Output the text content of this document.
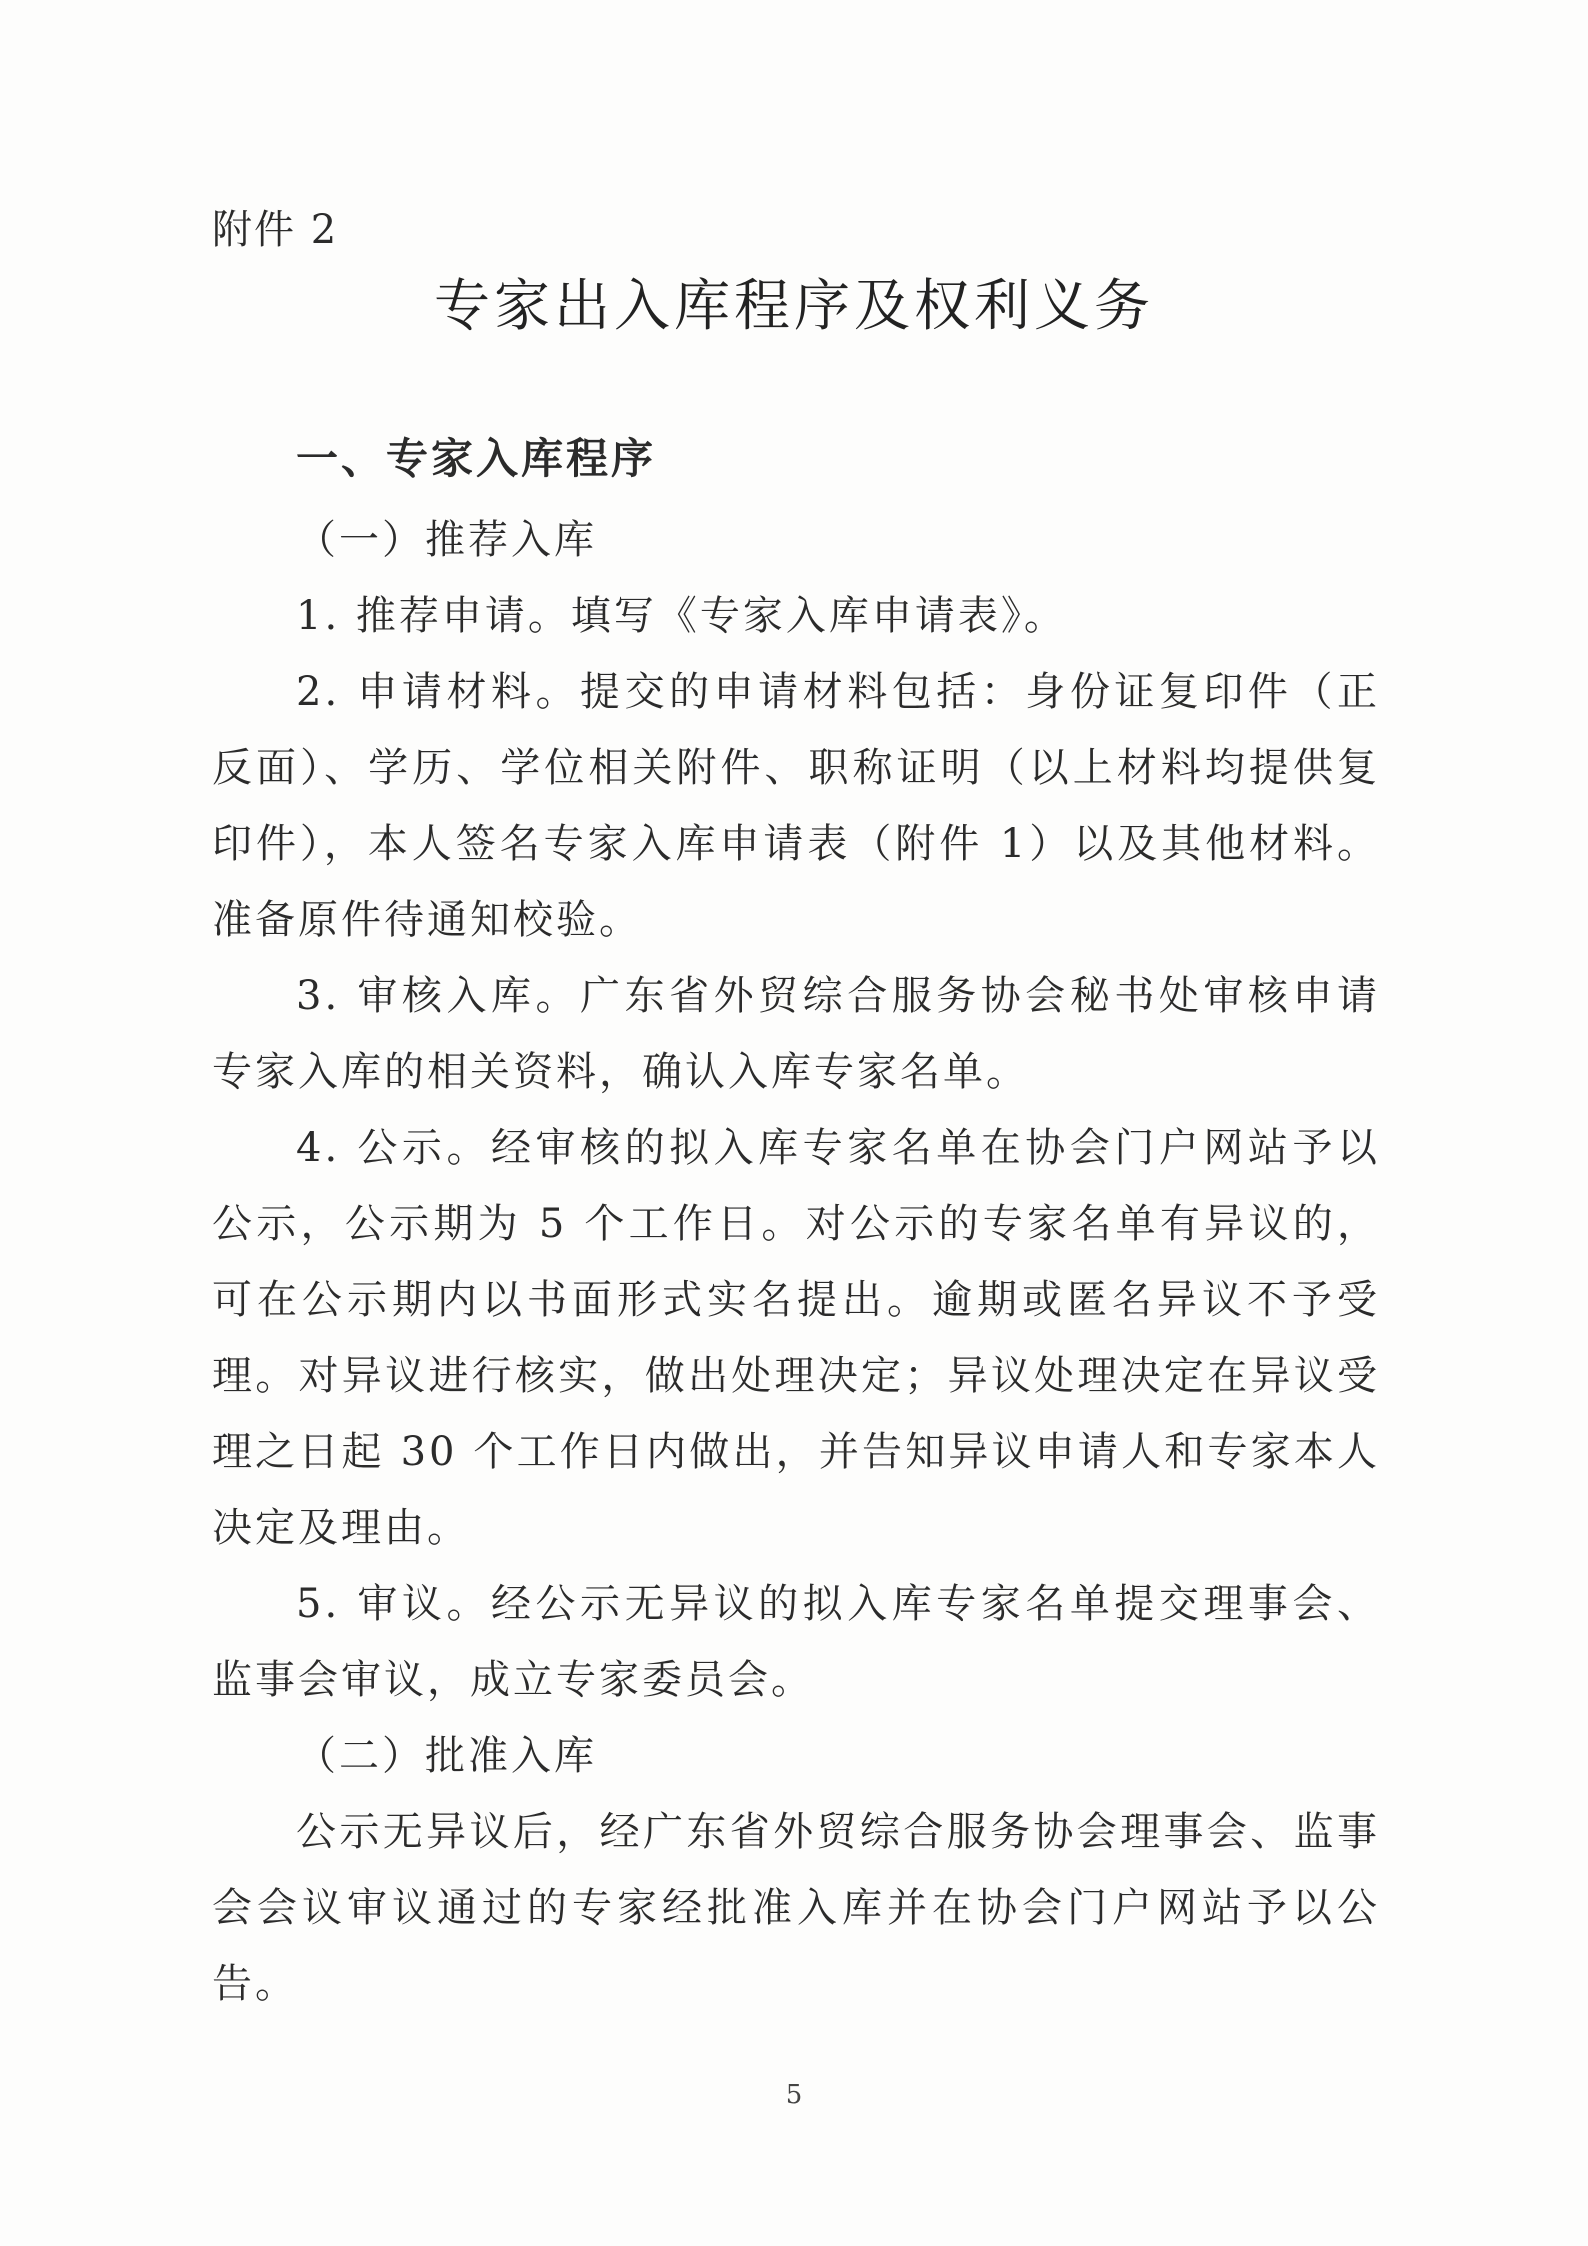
附件 2
专家出入库程序及权利义务
一、专家入库程序

（一）推荐入库

1. 推荐申请。填写《专家入库申请表》。

2. 申请材料。提交的申请材料包括：身份证复印件（正反面）、学历、学位相关附件、职称证明（以上材料均提供复印件），本人签名专家入库申请表（附件 1）以及其他材料。准备原件待通知校验。

3. 审核入库。广东省外贸综合服务协会秘书处审核申请专家入库的相关资料，确认入库专家名单。

4. 公示。经审核的拟入库专家名单在协会门户网站予以公示，公示期为 5 个工作日。对公示的专家名单有异议的，可在公示期内以书面形式实名提出。逾期或匿名异议不予受理。对异议进行核实，做出处理决定；异议处理决定在异议受理之日起 30 个工作日内做出，并告知异议申请人和专家本人决定及理由。

5. 审议。经公示无异议的拟入库专家名单提交理事会、监事会审议，成立专家委员会。

（二）批准入库

公示无异议后，经广东省外贸综合服务协会理事会、监事会会议审议通过的专家经批准入库并在协会门户网站予以公告。

5
